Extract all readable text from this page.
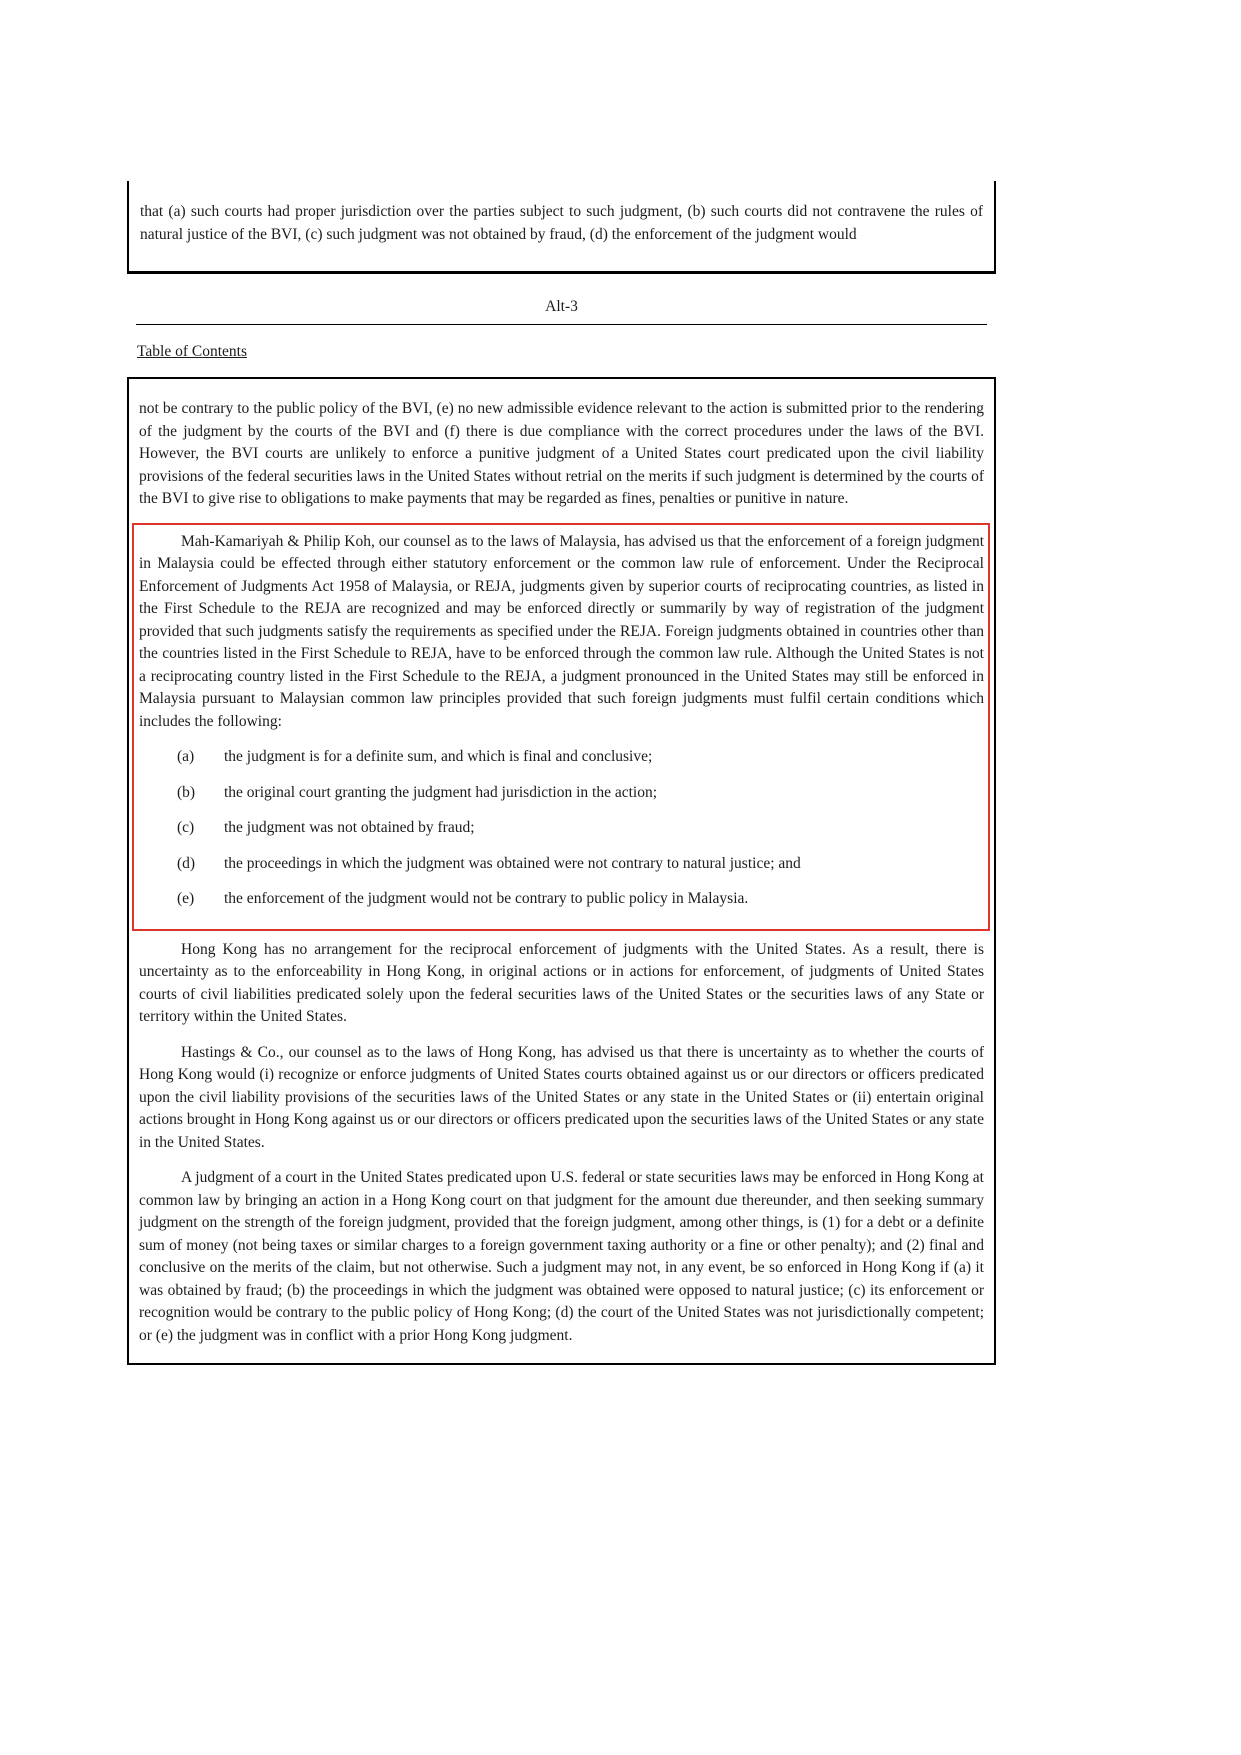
that (a) such courts had proper jurisdiction over the parties subject to such judgment, (b) such courts did not contravene the rules of natural justice of the BVI, (c) such judgment was not obtained by fraud, (d) the enforcement of the judgment would

Alt-3
Table of Contents

not be contrary to the public policy of the BVI, (e) no new admissible evidence relevant to the action is submitted prior to the rendering of the judgment by the courts of the BVI and (f) there is due compliance with the correct procedures under the laws of the BVI. However, the BVI courts are unlikely to enforce a punitive judgment of a United States court predicated upon the civil liability provisions of the federal securities laws in the United States without retrial on the merits if such judgment is determined by the courts of the BVI to give rise to obligations to make payments that may be regarded as fines, penalties or punitive in nature.

Mah-Kamariyah & Philip Koh, our counsel as to the laws of Malaysia, has advised us that the enforcement of a foreign judgment in Malaysia could be effected through either statutory enforcement or the common law rule of enforcement. Under the Reciprocal Enforcement of Judgments Act 1958 of Malaysia, or REJA, judgments given by superior courts of reciprocating countries, as listed in the First Schedule to the REJA are recognized and may be enforced directly or summarily by way of registration of the judgment provided that such judgments satisfy the requirements as specified under the REJA. Foreign judgments obtained in countries other than the countries listed in the First Schedule to REJA, have to be enforced through the common law rule. Although the United States is not a reciprocating country listed in the First Schedule to the REJA, a judgment pronounced in the United States may still be enforced in Malaysia pursuant to Malaysian common law principles provided that such foreign judgments must fulfil certain conditions which includes the following:

(a)	the judgment is for a definite sum, and which is final and conclusive;
(b)	the original court granting the judgment had jurisdiction in the action;
(c)	the judgment was not obtained by fraud;
(d)	the proceedings in which the judgment was obtained were not contrary to natural justice; and
(e)	the enforcement of the judgment would not be contrary to public policy in Malaysia.

Hong Kong has no arrangement for the reciprocal enforcement of judgments with the United States. As a result, there is uncertainty as to the enforceability in Hong Kong, in original actions or in actions for enforcement, of judgments of United States courts of civil liabilities predicated solely upon the federal securities laws of the United States or the securities laws of any State or territory within the United States.

Hastings & Co., our counsel as to the laws of Hong Kong, has advised us that there is uncertainty as to whether the courts of Hong Kong would (i) recognize or enforce judgments of United States courts obtained against us or our directors or officers predicated upon the civil liability provisions of the securities laws of the United States or any state in the United States or (ii) entertain original actions brought in Hong Kong against us or our directors or officers predicated upon the securities laws of the United States or any state in the United States.

A judgment of a court in the United States predicated upon U.S. federal or state securities laws may be enforced in Hong Kong at common law by bringing an action in a Hong Kong court on that judgment for the amount due thereunder, and then seeking summary judgment on the strength of the foreign judgment, provided that the foreign judgment, among other things, is (1) for a debt or a definite sum of money (not being taxes or similar charges to a foreign government taxing authority or a fine or other penalty); and (2) final and conclusive on the merits of the claim, but not otherwise. Such a judgment may not, in any event, be so enforced in Hong Kong if (a) it was obtained by fraud; (b) the proceedings in which the judgment was obtained were opposed to natural justice; (c) its enforcement or recognition would be contrary to the public policy of Hong Kong; (d) the court of the United States was not jurisdictionally competent; or (e) the judgment was in conflict with a prior Hong Kong judgment.
